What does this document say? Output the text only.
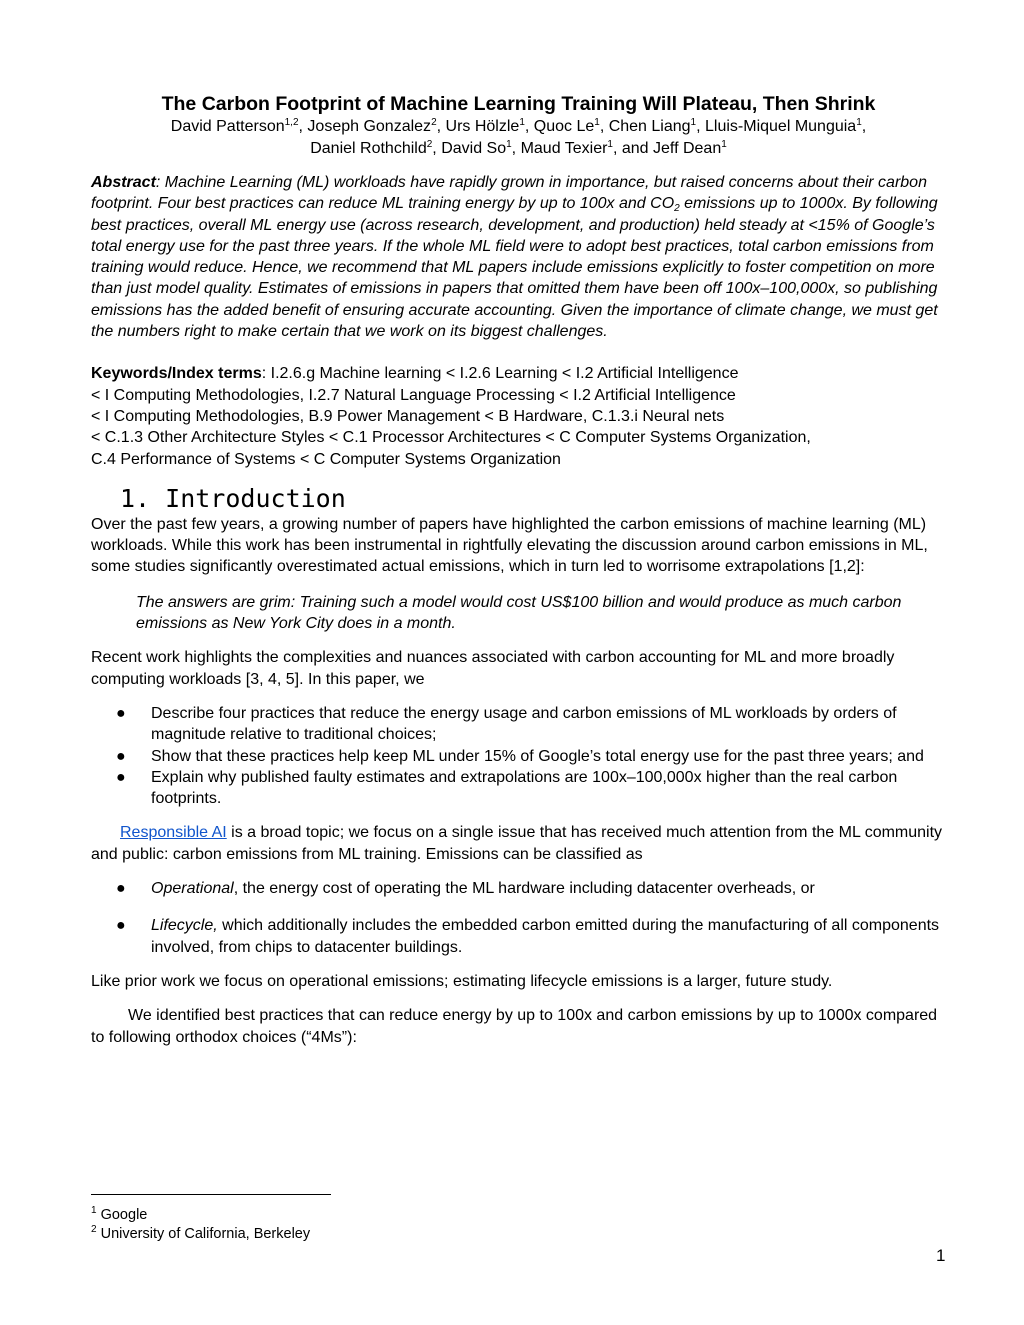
The Carbon Footprint of Machine Learning Training Will Plateau, Then Shrink

David Patterson$^{1,2}$, Joseph Gonzalez$^2$, Urs Hölzle$^1$, Quoc Le$^1$, Chen Liang$^1$, Lluis-Miquel Munguia$^1$,

Daniel Rothchild$^2$, David So$^1$, Maud Texier$^1$, and Jeff Dean$^1$

Abstract: Machine Learning (ML) workloads have rapidly grown in importance, but raised concerns about their carbon footprint. Four best practices can reduce ML training energy by up to 100x and $CO_2$ emissions up to 1000x. By following best practices, overall ML energy use (across research, development, and production) held steady at <15% of Google’s total energy use for the past three years. If the whole ML field were to adopt best practices, total carbon emissions from training would reduce. Hence, we recommend that ML papers include emissions explicitly to foster competition on more than just model quality. Estimates of emissions in papers that omitted them have been off 100x–100,000x, so publishing emissions has the added benefit of ensuring accurate accounting. Given the importance of climate change, we must get the numbers right to make certain that we work on its biggest challenges.

Keywords/Index terms: I.2.6.g Machine learning < I.2.6 Learning < I.2 Artificial Intelligence
< I Computing Methodologies, I.2.7 Natural Language Processing < I.2 Artificial Intelligence
< I Computing Methodologies, B.9 Power Management < B Hardware, C.1.3.i Neural nets
< C.1.3 Other Architecture Styles < C.1 Processor Architectures < C Computer Systems Organization,
C.4 Performance of Systems < C Computer Systems Organization

1. Introduction

Over the past few years, a growing number of papers have highlighted the carbon emissions of machine learning (ML) workloads. While this work has been instrumental in rightfully elevating the discussion around carbon emissions in ML, some studies significantly overestimated actual emissions, which in turn led to worrisome extrapolations [1,2]:

The answers are grim: Training such a model would cost US$100 billion and would produce as much carbon emissions as New York City does in a month.

Recent work highlights the complexities and nuances associated with carbon accounting for ML and more broadly computing workloads [3, 4, 5]. In this paper, we

● Describe four practices that reduce the energy usage and carbon emissions of ML workloads by orders of magnitude relative to traditional choices;
● Show that these practices help keep ML under 15% of Google’s total energy use for the past three years; and
● Explain why published faulty estimates and extrapolations are 100x–100,000x higher than the real carbon footprints.

Responsible AI is a broad topic; we focus on a single issue that has received much attention from the ML community and public: carbon emissions from ML training. Emissions can be classified as

● Operational, the energy cost of operating the ML hardware including datacenter overheads, or
● Lifecycle, which additionally includes the embedded carbon emitted during the manufacturing of all components involved, from chips to datacenter buildings.

Like prior work we focus on operational emissions; estimating lifecycle emissions is a larger, future study.

We identified best practices that can reduce energy by up to 100x and carbon emissions by up to 1000x compared to following orthodox choices (“4Ms”):

$^1$ Google
$^2$ University of California, Berkeley
1
